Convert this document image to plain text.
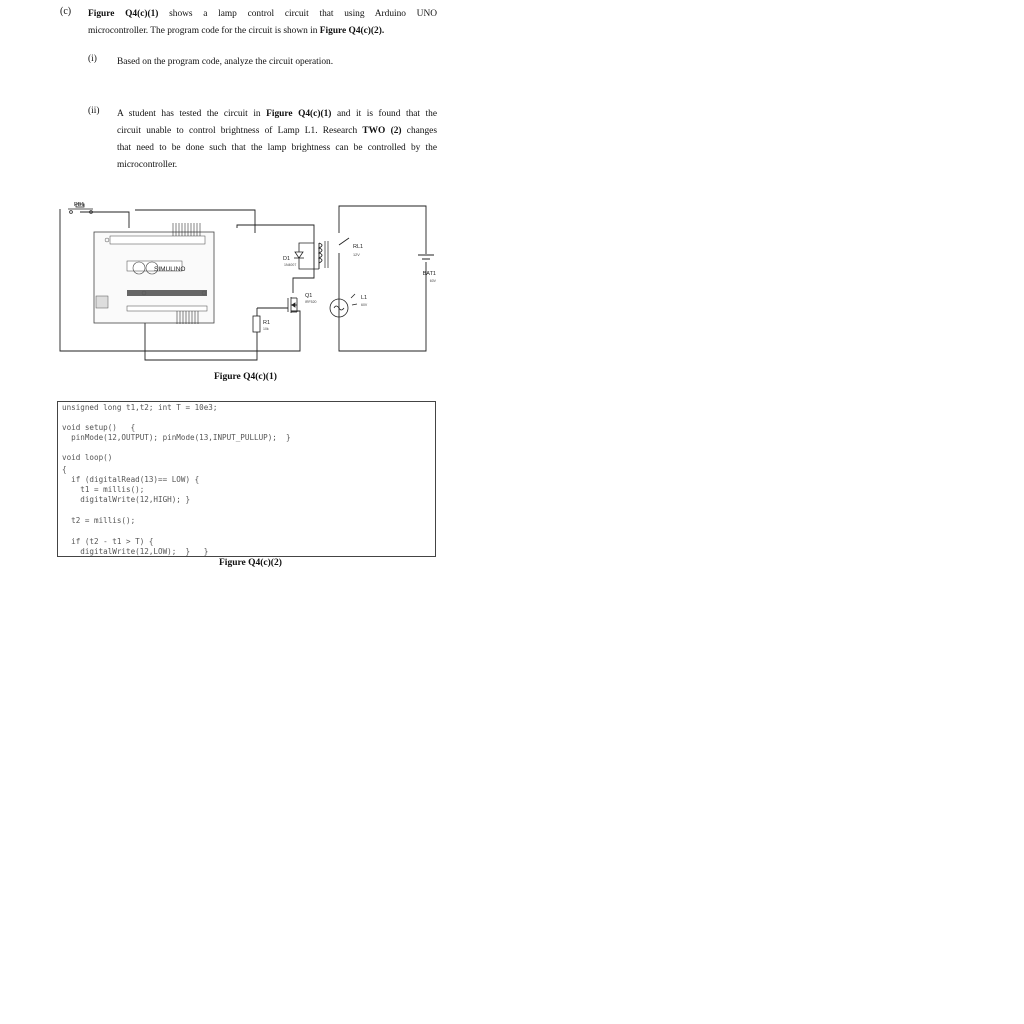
(c) Figure Q4(c)(1) shows a lamp control circuit that using Arduino UNO
microcontroller. The program code for the circuit is shown in Figure Q4(c)(2).
(i) Based on the program code, analyze the circuit operation.
(ii) A student has tested the circuit in Figure Q4(c)(1) and it is found that the
circuit unable to control brightness of Lamp L1. Research TWO (2) changes
that need to be done such that the lamp brightness can be controlled by the
microcontroller.
PB1
SIMULINO
RL1
12V
D1
1N4007
BAT1
60V
Q1
IRF520
L1
60V
R1
10k
Figure Q4(c)(1)
unsigned long t1,t2; int T = 10e3;
void setup()   {
pinMode(12,OUTPUT); pinMode(13,INPUT_PULLUP);  }
void loop()
{
if (digitalRead(13)== LOW) {
t1 = millis();
digitalWrite(12,HIGH); }
t2 = millis();
if (t2 - t1 > T) {
digitalWrite(12,LOW);  }   }
Figure Q4(c)(2)
